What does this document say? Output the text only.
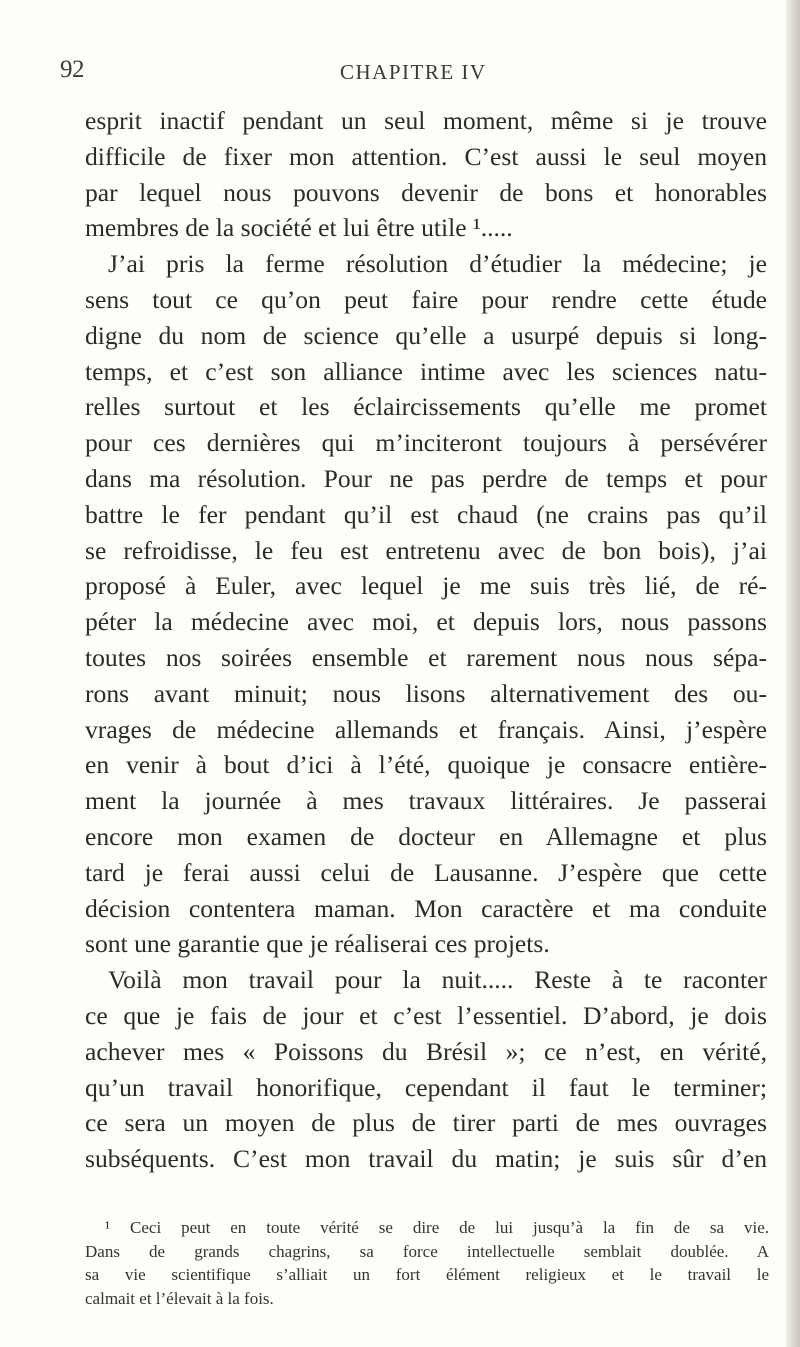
92	CHAPITRE IV
esprit inactif pendant un seul moment, même si je trouve
difficile de fixer mon attention. C’est aussi le seul moyen
par lequel nous pouvons devenir de bons et honorables
membres de la société et lui être utile ¹.....
J’ai pris la ferme résolution d’étudier la médecine; je
sens tout ce qu’on peut faire pour rendre cette étude
digne du nom de science qu’elle a usurpé depuis si long-
temps, et c’est son alliance intime avec les sciences natu-
relles surtout et les éclaircissements qu’elle me promet
pour ces dernières qui m’inciteront toujours à persévérer
dans ma résolution. Pour ne pas perdre de temps et pour
battre le fer pendant qu’il est chaud (ne crains pas qu’il
se refroidisse, le feu est entretenu avec de bon bois), j’ai
proposé à Euler, avec lequel je me suis très lié, de ré-
péter la médecine avec moi, et depuis lors, nous passons
toutes nos soirées ensemble et rarement nous nous sépa-
rons avant minuit; nous lisons alternativement des ou-
vrages de médecine allemands et français. Ainsi, j’espère
en venir à bout d’ici à l’été, quoique je consacre entière-
ment la journée à mes travaux littéraires. Je passerai
encore mon examen de docteur en Allemagne et plus
tard je ferai aussi celui de Lausanne. J’espère que cette
décision contentera maman. Mon caractère et ma conduite
sont une garantie que je réaliserai ces projets.
Voilà mon travail pour la nuit..... Reste à te raconter
ce que je fais de jour et c’est l’essentiel. D’abord, je dois
achever mes « Poissons du Brésil »; ce n’est, en vérité,
qu’un travail honorifique, cependant il faut le terminer;
ce sera un moyen de plus de tirer parti de mes ouvrages
subséquents. C’est mon travail du matin; je suis sûr d’en
¹ Ceci peut en toute vérité se dire de lui jusqu’à la fin de sa vie.
Dans de grands chagrins, sa force intellectuelle semblait doublée. A
sa vie scientifique s’alliait un fort élément religieux et le travail le
calmait et l’élevait à la fois.
